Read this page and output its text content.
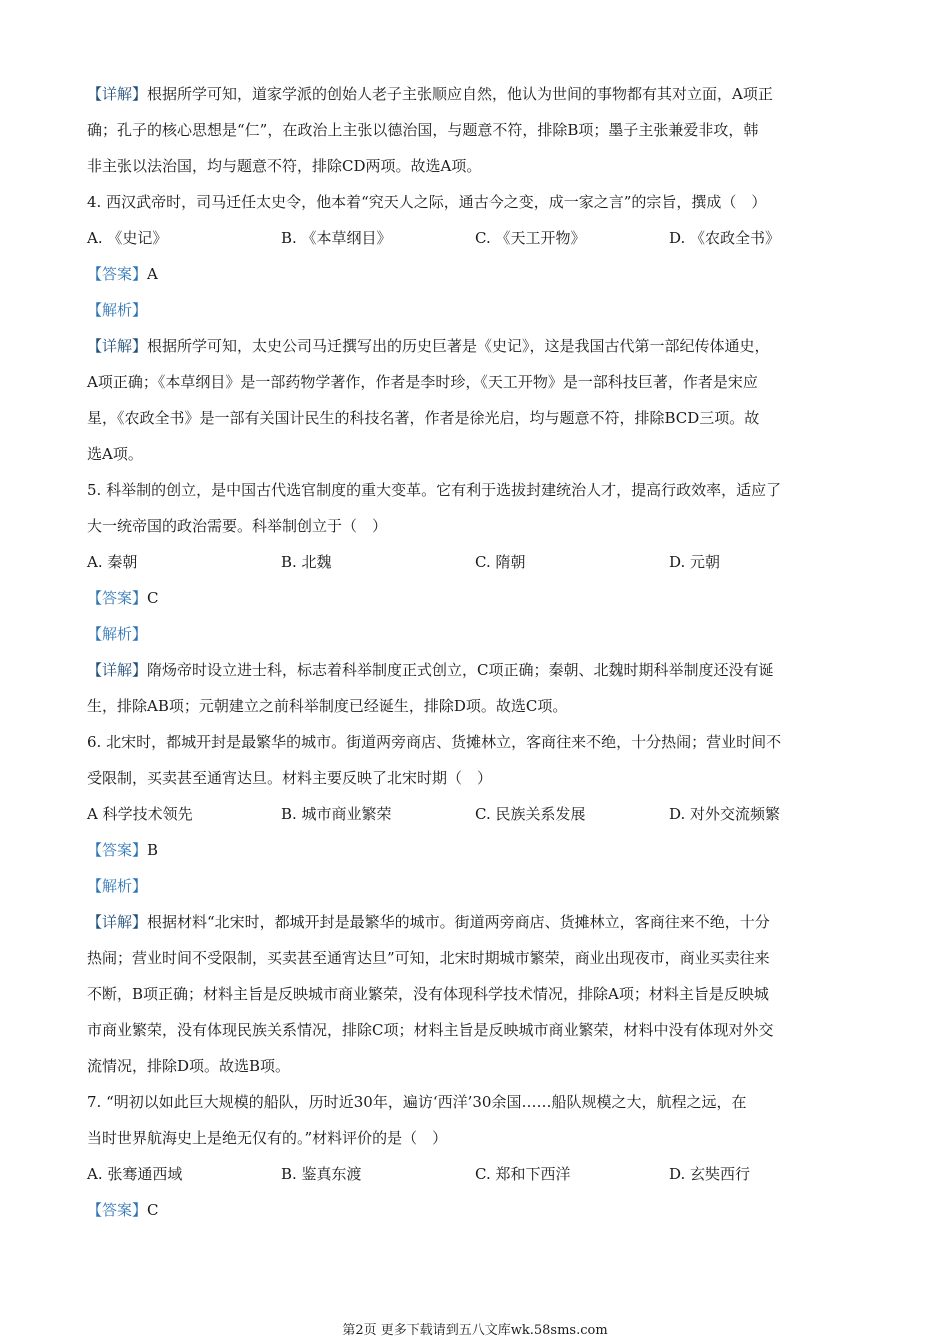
【详解】根据所学可知，道家学派的创始人老子主张顺应自然，他认为世间的事物都有其对立面，A项正

确；孔子的核心思想是“仁”，在政治上主张以德治国，与题意不符，排除B项；墨子主张兼爱非攻，韩

非主张以法治国，均与题意不符，排除CD两项。故选A项。

4. 西汉武帝时，司马迁任太史令，他本着“究天人之际，通古今之变，成一家之言”的宗旨，撰成（　）

A. 《史记》	B. 《本草纲目》	C. 《天工开物》	D. 《农政全书》

【答案】A

【解析】

【详解】根据所学可知，太史公司马迁撰写出的历史巨著是《史记》，这是我国古代第一部纪传体通史，

A项正确；《本草纲目》是一部药物学著作，作者是李时珍，《天工开物》是一部科技巨著，作者是宋应

星，《农政全书》是一部有关国计民生的科技名著，作者是徐光启，均与题意不符，排除BCD三项。故

选A项。

5. 科举制的创立，是中国古代选官制度的重大变革。它有利于选拔封建统治人才，提高行政效率，适应了

大一统帝国的政治需要。科举制创立于（　）

A. 秦朝	B. 北魏	C. 隋朝	D. 元朝

【答案】C

【解析】

【详解】隋炀帝时设立进士科，标志着科举制度正式创立，C项正确；秦朝、北魏时期科举制度还没有诞

生，排除AB项；元朝建立之前科举制度已经诞生，排除D项。故选C项。

6. 北宋时，都城开封是最繁华的城市。街道两旁商店、货摊林立，客商往来不绝，十分热闹；营业时间不

受限制，买卖甚至通宵达旦。材料主要反映了北宋时期（　）

A 科学技术领先	B. 城市商业繁荣	C. 民族关系发展	D. 对外交流频繁

【答案】B

【解析】

【详解】根据材料“北宋时，都城开封是最繁华的城市。街道两旁商店、货摊林立，客商往来不绝，十分

热闹；营业时间不受限制，买卖甚至通宵达旦”可知，北宋时期城市繁荣，商业出现夜市，商业买卖往来

不断，B项正确；材料主旨是反映城市商业繁荣，没有体现科学技术情况，排除A项；材料主旨是反映城

市商业繁荣，没有体现民族关系情况，排除C项；材料主旨是反映城市商业繁荣，材料中没有体现对外交

流情况，排除D项。故选B项。

7. “明初以如此巨大规模的船队，历时近30年，遍访‘西洋’30余国……船队规模之大，航程之远，在

当时世界航海史上是绝无仅有的。”材料评价的是（　）

A. 张骞通西域	B. 鉴真东渡	C. 郑和下西洋	D. 玄奘西行

【答案】C

第2页 更多下载请到五八文库wk.58sms.com
